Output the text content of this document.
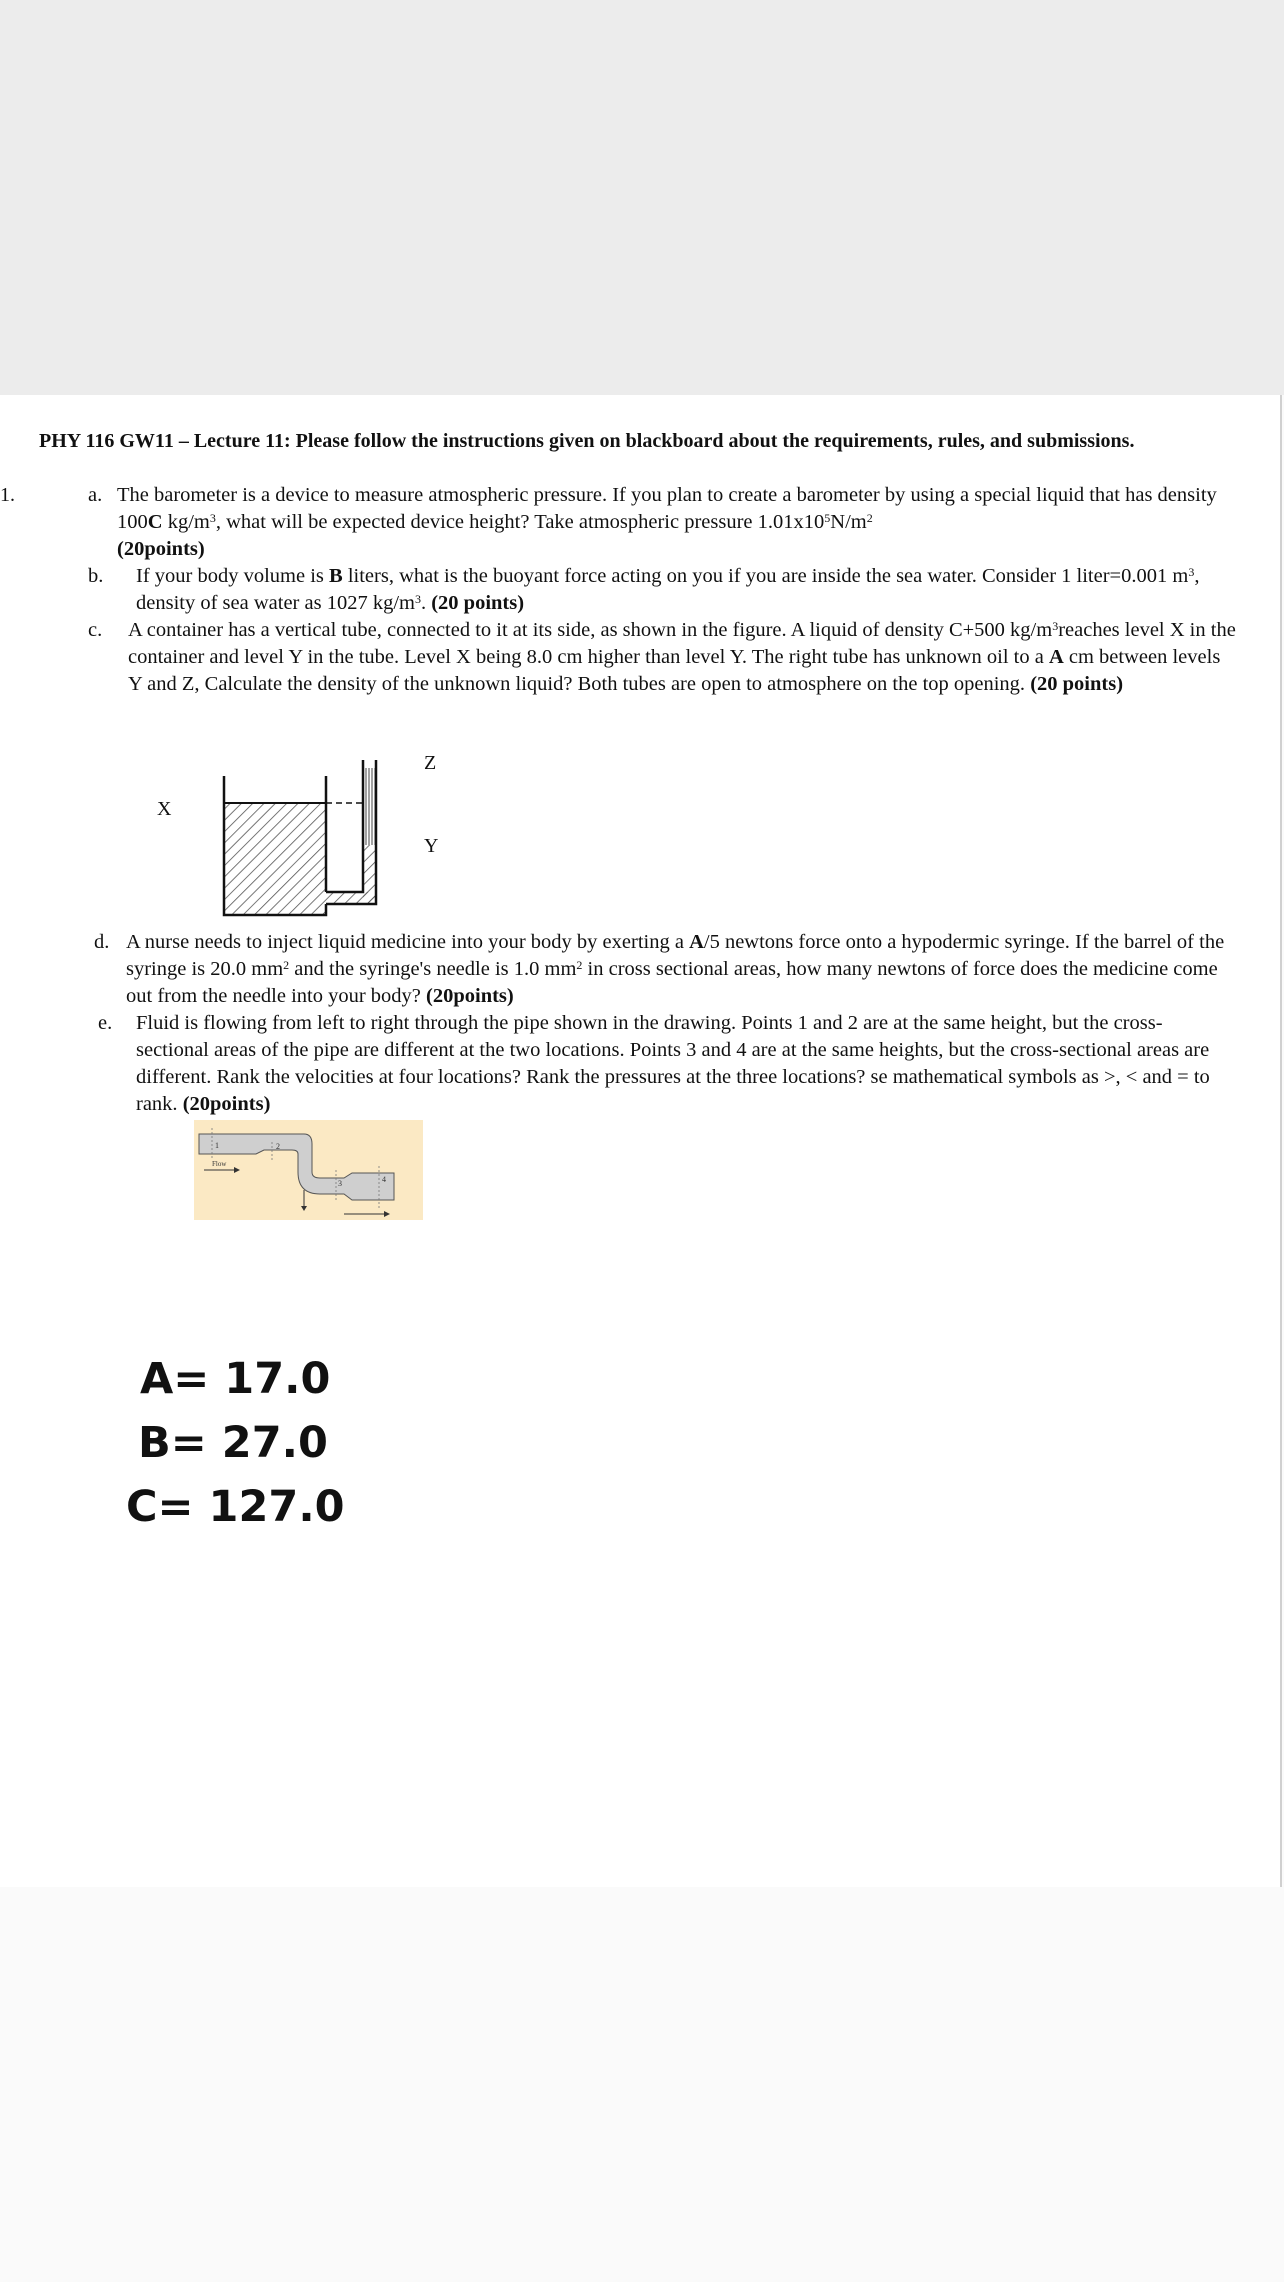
PHY 116 GW11 – Lecture 11: Please follow the instructions given on blackboard about the requirements, rules, and submissions.
1.	a. The barometer is a device to measure atmospheric pressure. If you plan to create a barometer by using a special liquid that has density 100C $kg/m^3$, what will be expected device height? Take atmospheric pressure $1.01x10^5N/m^2$
(20points)
b. If your body volume is B liters, what is the buoyant force acting on you if you are inside the sea water. Consider 1 liter=0.001 $m^3$, density of sea water as 1027 $kg/m^3$. (20 points)
c. A container has a vertical tube, connected to it at its side, as shown in the figure. A liquid of density C+500 $kg/m^3reaches$ level X in the container and level Y in the tube. Level X being 8.0 cm higher than level Y. The right tube has unknown oil to a A cm between levels Y and Z, Calculate the density of the unknown liquid? Both tubes are open to atmosphere on the top opening. (20 points)
X
Z
Y
d. A nurse needs to inject liquid medicine into your body by exerting a A/5 newtons force onto a hypodermic syringe. If the barrel of the syringe is 20.0 $mm^2$ and the syringe's needle is 1.0 $mm^2$ in cross sectional areas, how many newtons of force does the medicine come out from the needle into your body? (20points)
e. Fluid is flowing from left to right through the pipe shown in the drawing. Points 1 and 2 are at the same height, but the cross-sectional areas of the pipe are different at the two locations. Points 3 and 4 are at the same heights, but the cross-sectional areas are different. Rank the velocities at four locations? Rank the pressures at the three locations? se mathematical symbols as >, < and = to rank. (20points)
1	2
3	4
Flow
A= 17.0
B= 27.0
C= 127.0
